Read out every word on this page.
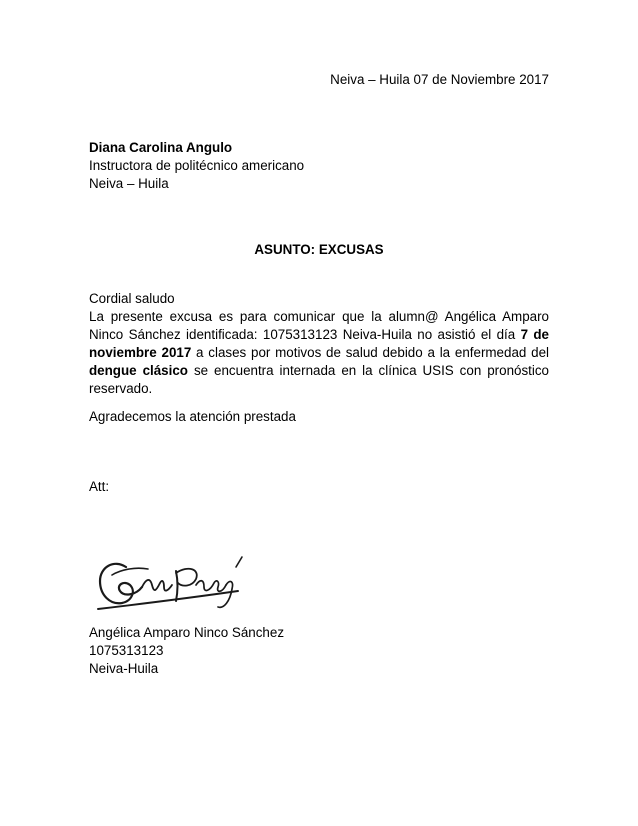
Neiva – Huila 07 de Noviembre 2017
Diana Carolina Angulo
Instructora de politécnico americano
Neiva – Huila
ASUNTO: EXCUSAS

Cordial saludo

La presente excusa es para comunicar que la alumn@ Angélica Amparo Ninco Sánchez identificada: 1075313123 Neiva-Huila no asistió el día 7 de noviembre 2017 a clases por motivos de salud debido a la enfermedad del dengue clásico se encuentra internada en la clínica USIS con pronóstico reservado.

Agradecemos la atención prestada
Att:
Angélica Amparo Ninco Sánchez
1075313123
Neiva-Huila
